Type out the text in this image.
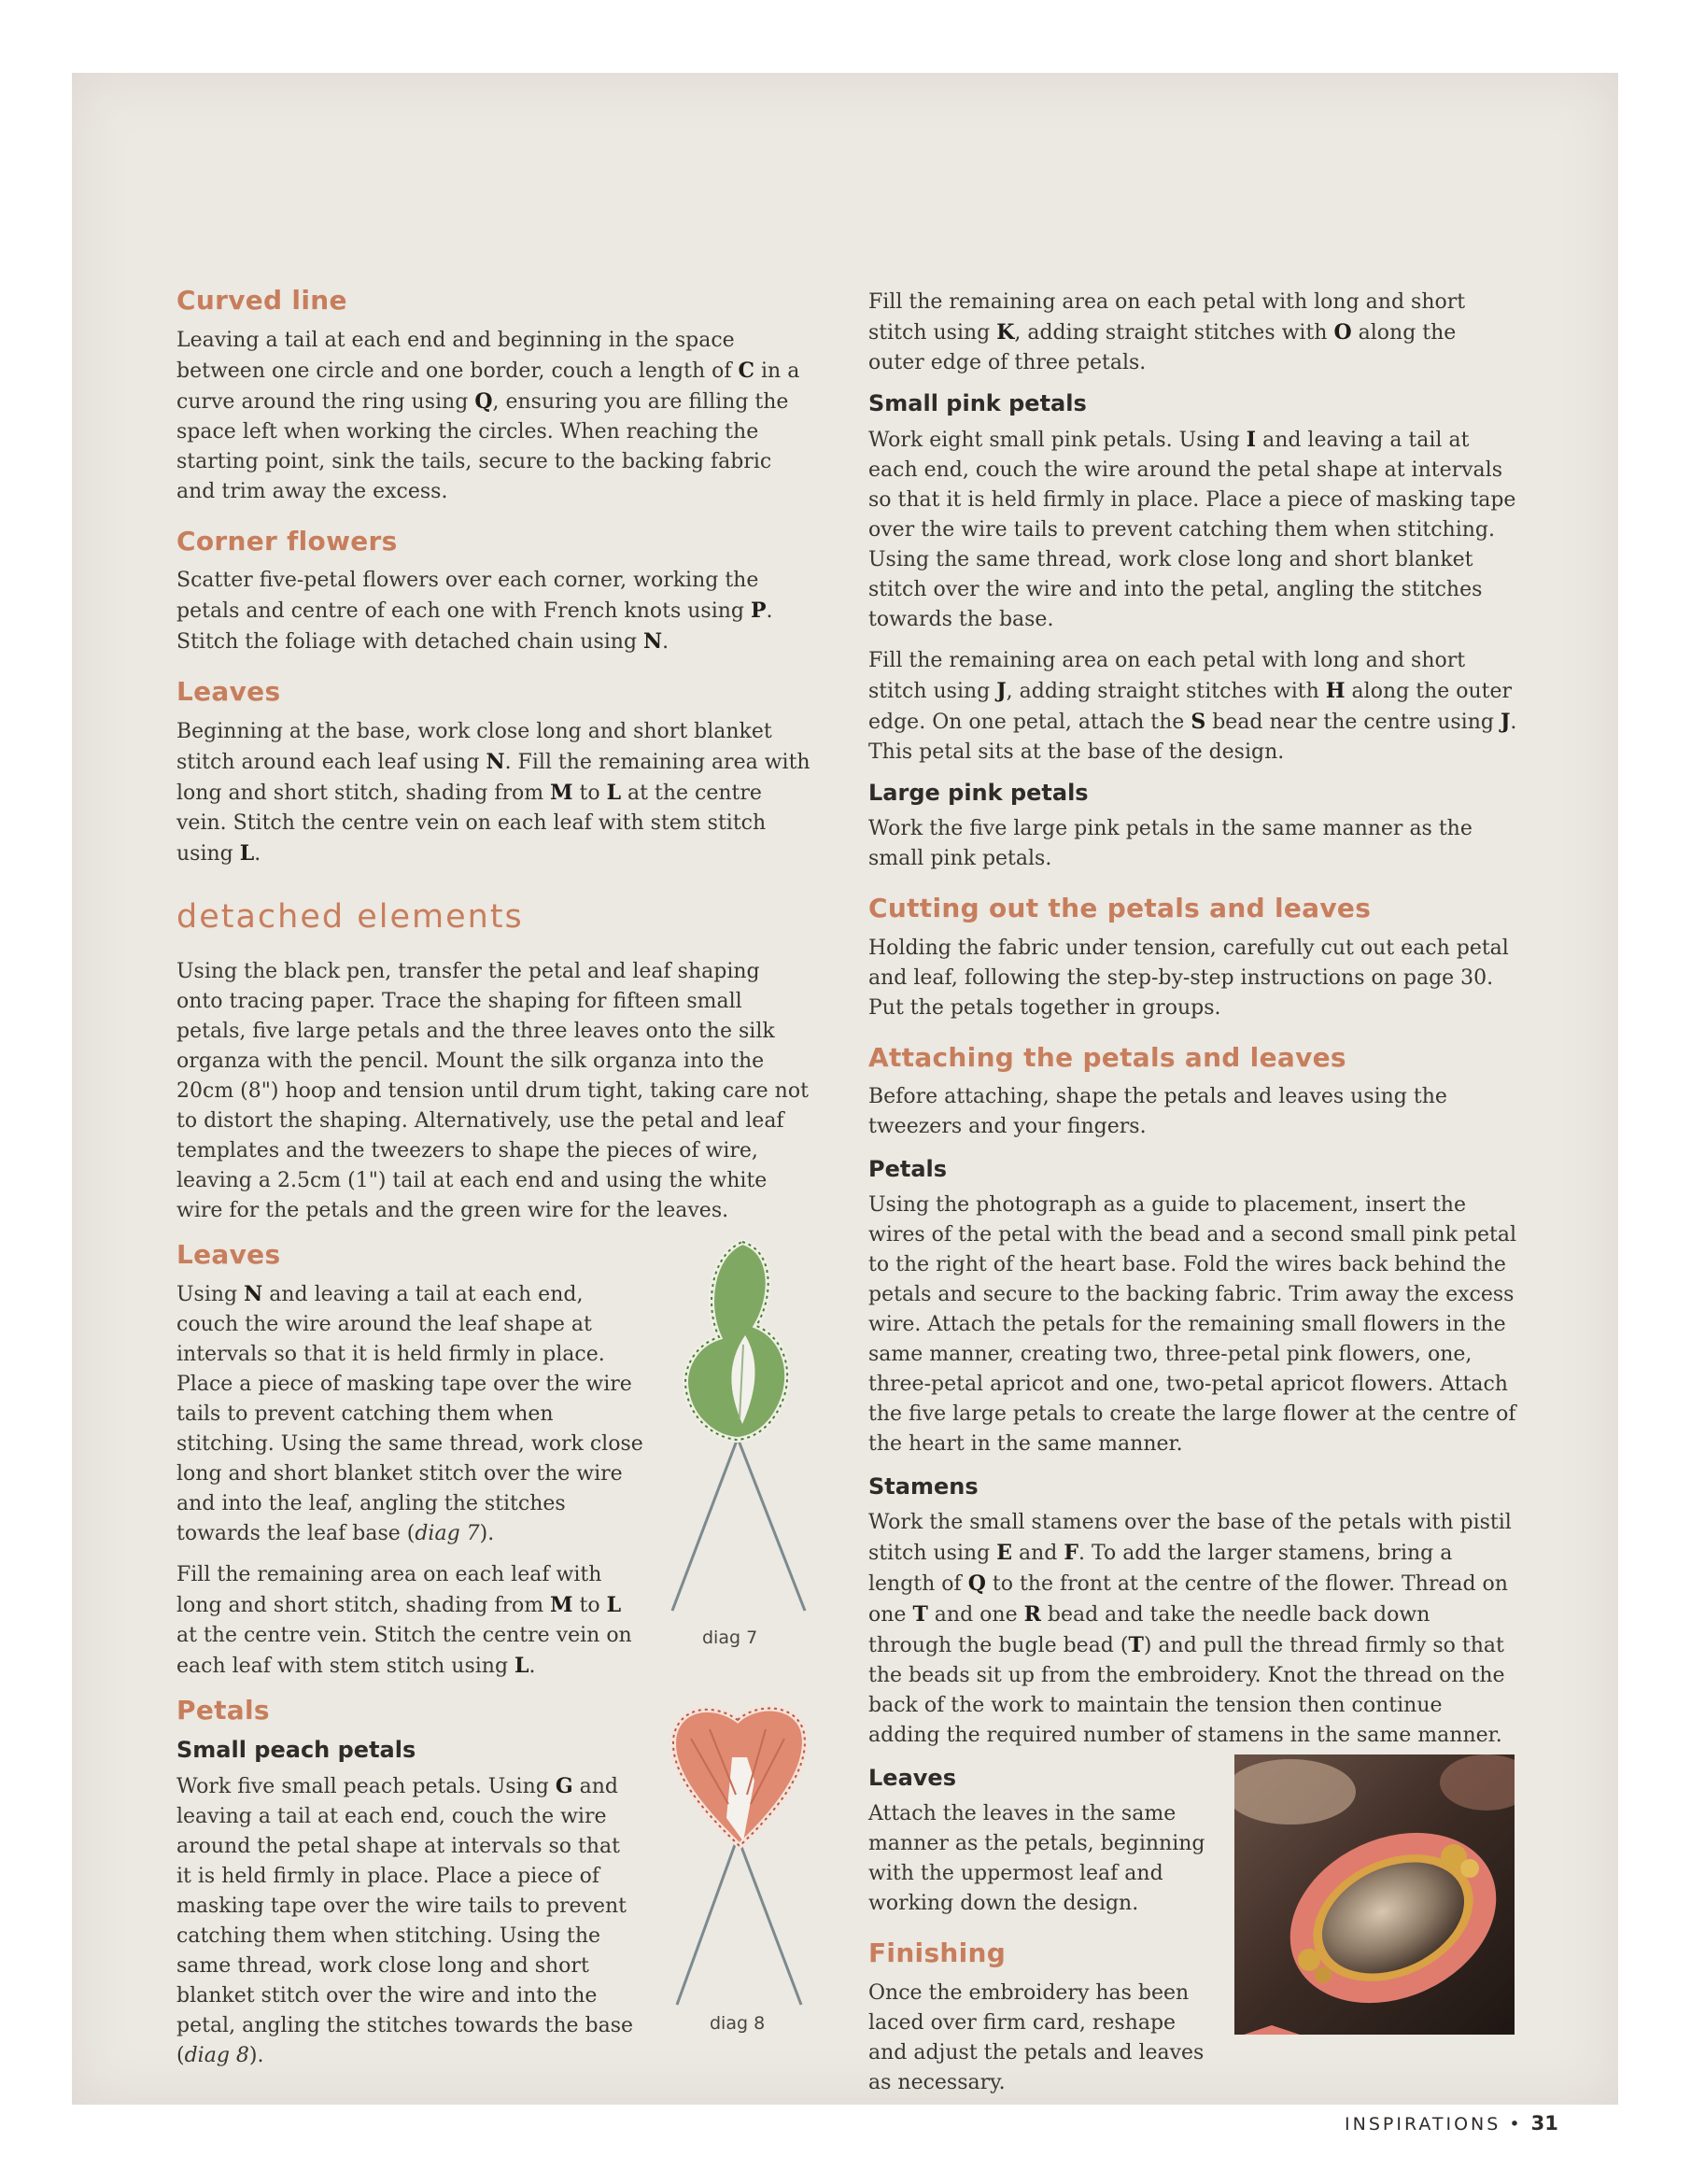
Curved line

Leaving a tail at each end and beginning in the space between one circle and one border, couch a length of C in a curve around the ring using Q, ensuring you are filling the space left when working the circles. When reaching the starting point, sink the tails, secure to the backing fabric and trim away the excess.

Corner flowers

Scatter five-petal flowers over each corner, working the petals and centre of each one with French knots using P. Stitch the foliage with detached chain using N.

Leaves

Beginning at the base, work close long and short blanket stitch around each leaf using N. Fill the remaining area with long and short stitch, shading from M to L at the centre vein. Stitch the centre vein on each leaf with stem stitch using L.

detached elements

Using the black pen, transfer the petal and leaf shaping onto tracing paper. Trace the shaping for fifteen small petals, five large petals and the three leaves onto the silk organza with the pencil. Mount the silk organza into the 20cm (8") hoop and tension until drum tight, taking care not to distort the shaping. Alternatively, use the petal and leaf templates and the tweezers to shape the pieces of wire, leaving a 2.5cm (1") tail at each end and using the white wire for the petals and the green wire for the leaves.

Leaves

Using N and leaving a tail at each end, couch the wire around the leaf shape at intervals so that it is held firmly in place. Place a piece of masking tape over the wire tails to prevent catching them when stitching. Using the same thread, work close long and short blanket stitch over the wire and into the leaf, angling the stitches towards the leaf base (diag 7).

Fill the remaining area on each leaf with long and short stitch, shading from M to L at the centre vein. Stitch the centre vein on each leaf with stem stitch using L.

Petals
Small peach petals

Work five small peach petals. Using G and leaving a tail at each end, couch the wire around the petal shape at intervals so that it is held firmly in place. Place a piece of masking tape over the wire tails to prevent catching them when stitching. Using the same thread, work close long and short blanket stitch over the wire and into the petal, angling the stitches towards the base (diag 8).

Fill the remaining area on each petal with long and short stitch using K, adding straight stitches with O along the outer edge of three petals.

Small pink petals

Work eight small pink petals. Using I and leaving a tail at each end, couch the wire around the petal shape at intervals so that it is held firmly in place. Place a piece of masking tape over the wire tails to prevent catching them when stitching. Using the same thread, work close long and short blanket stitch over the wire and into the petal, angling the stitches towards the base.

Fill the remaining area on each petal with long and short stitch using J, adding straight stitches with H along the outer edge. On one petal, attach the S bead near the centre using J. This petal sits at the base of the design.

Large pink petals

Work the five large pink petals in the same manner as the small pink petals.

Cutting out the petals and leaves

Holding the fabric under tension, carefully cut out each petal and leaf, following the step-by-step instructions on page 30. Put the petals together in groups.

Attaching the petals and leaves

Before attaching, shape the petals and leaves using the tweezers and your fingers.

Petals

Using the photograph as a guide to placement, insert the wires of the petal with the bead and a second small pink petal to the right of the heart base. Fold the wires back behind the petals and secure to the backing fabric. Trim away the excess wire. Attach the petals for the remaining small flowers in the same manner, creating two, three-petal pink flowers, one, three-petal apricot and one, two-petal apricot flowers. Attach the five large petals to create the large flower at the centre of the heart in the same manner.

Stamens

Work the small stamens over the base of the petals with pistil stitch using E and F. To add the larger stamens, bring a length of Q to the front at the centre of the flower. Thread on one T and one R bead and take the needle back down through the bugle bead (T) and pull the thread firmly so that the beads sit up from the embroidery. Knot the thread on the back of the work to maintain the tension then continue adding the required number of stamens in the same manner.

Leaves

Attach the leaves in the same manner as the petals, beginning with the uppermost leaf and working down the design.

Finishing

Once the embroidery has been laced over firm card, reshape and adjust the petals and leaves as necessary.

diag 7
diag 8
INSPIRATIONS • 31
